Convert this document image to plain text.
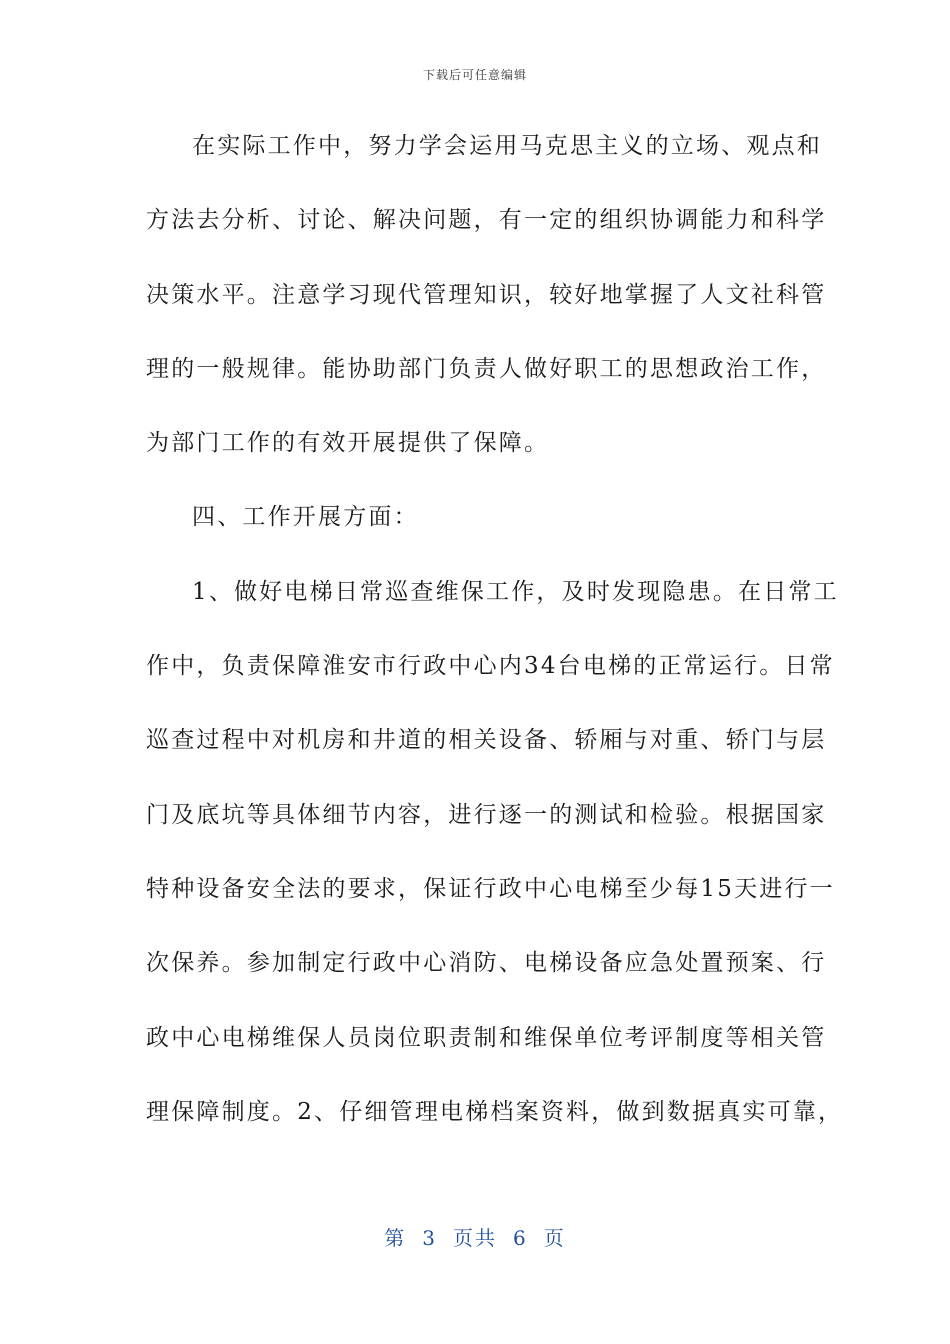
下载后可任意编辑
在实际工作中，努力学会运用马克思主义的立场、观点和
方法去分析、讨论、解决问题，有一定的组织协调能力和科学
决策水平。注意学习现代管理知识，较好地掌握了人文社科管
理的一般规律。能协助部门负责人做好职工的思想政治工作，
为部门工作的有效开展提供了保障。
四、工作开展方面：
1、做好电梯日常巡查维保工作，及时发现隐患。在日常工
作中，负责保障淮安市行政中心内34台电梯的正常运行。日常
巡查过程中对机房和井道的相关设备、轿厢与对重、轿门与层
门及底坑等具体细节内容，进行逐一的测试和检验。根据国家
特种设备安全法的要求，保证行政中心电梯至少每15天进行一
次保养。参加制定行政中心消防、电梯设备应急处置预案、行
政中心电梯维保人员岗位职责制和维保单位考评制度等相关管
理保障制度。2、仔细管理电梯档案资料，做到数据真实可靠，
第 3 页共 6 页
